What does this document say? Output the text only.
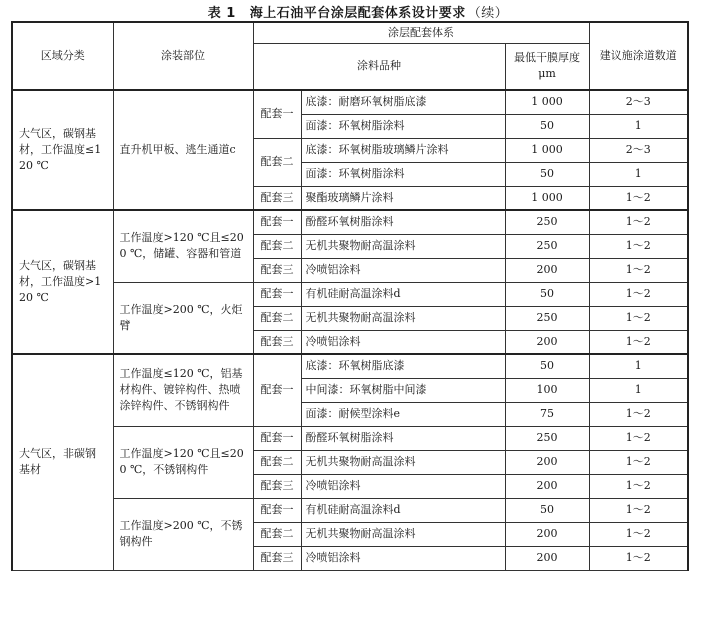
表 1 海上石油平台涂层配套体系设计要求 （续）
区域分类	涂装部位	涂层配套体系			建议施涂道数道

		涂料品种		最低干膜厚度
μm	

大气区，碳钢基材，工作温度≤120 ℃	直升机甲板、逃生通道c	配套一	底漆：耐磨环氧树脂底漆	1 000	2～3
			面漆：环氧树脂涂料	50	1
		配套二	底漆：环氧树脂玻璃鳞片涂料	1 000	2～3
			面漆：环氧树脂涂料	50	1
		配套三	聚酯玻璃鳞片涂料	1 000	1～2

大气区，碳钢基材，工作温度>120 ℃	工作温度>120 ℃且≤200 ℃，储罐、容器和管道	配套一	酚醛环氧树脂涂料	250	1～2
		配套二	无机共聚物耐高温涂料	250	1～2
		配套三	冷喷铝涂料	200	1～2

	工作温度>200 ℃，火炬臂	配套一	有机硅耐高温涂料d	50	1～2
		配套二	无机共聚物耐高温涂料	250	1～2
		配套三	冷喷铝涂料	200	1～2

大气区，非碳钢基材	工作温度≤120 ℃，铝基材构件、镀锌构件、热喷涂锌构件、不锈钢构件	配套一	底漆：环氧树脂底漆	50	1
			中间漆：环氧树脂中间漆	100	1
			面漆：耐候型涂料e	75	1～2

	工作温度>120 ℃且≤200 ℃，不锈钢构件	配套一	酚醛环氧树脂涂料	250	1～2
		配套二	无机共聚物耐高温涂料	200	1～2
		配套三	冷喷铝涂料	200	1～2

	工作温度>200 ℃，不锈钢构件	配套一	有机硅耐高温涂料d	50	1～2
		配套二	无机共聚物耐高温涂料	200	1～2
		配套三	冷喷铝涂料	200	1～2
